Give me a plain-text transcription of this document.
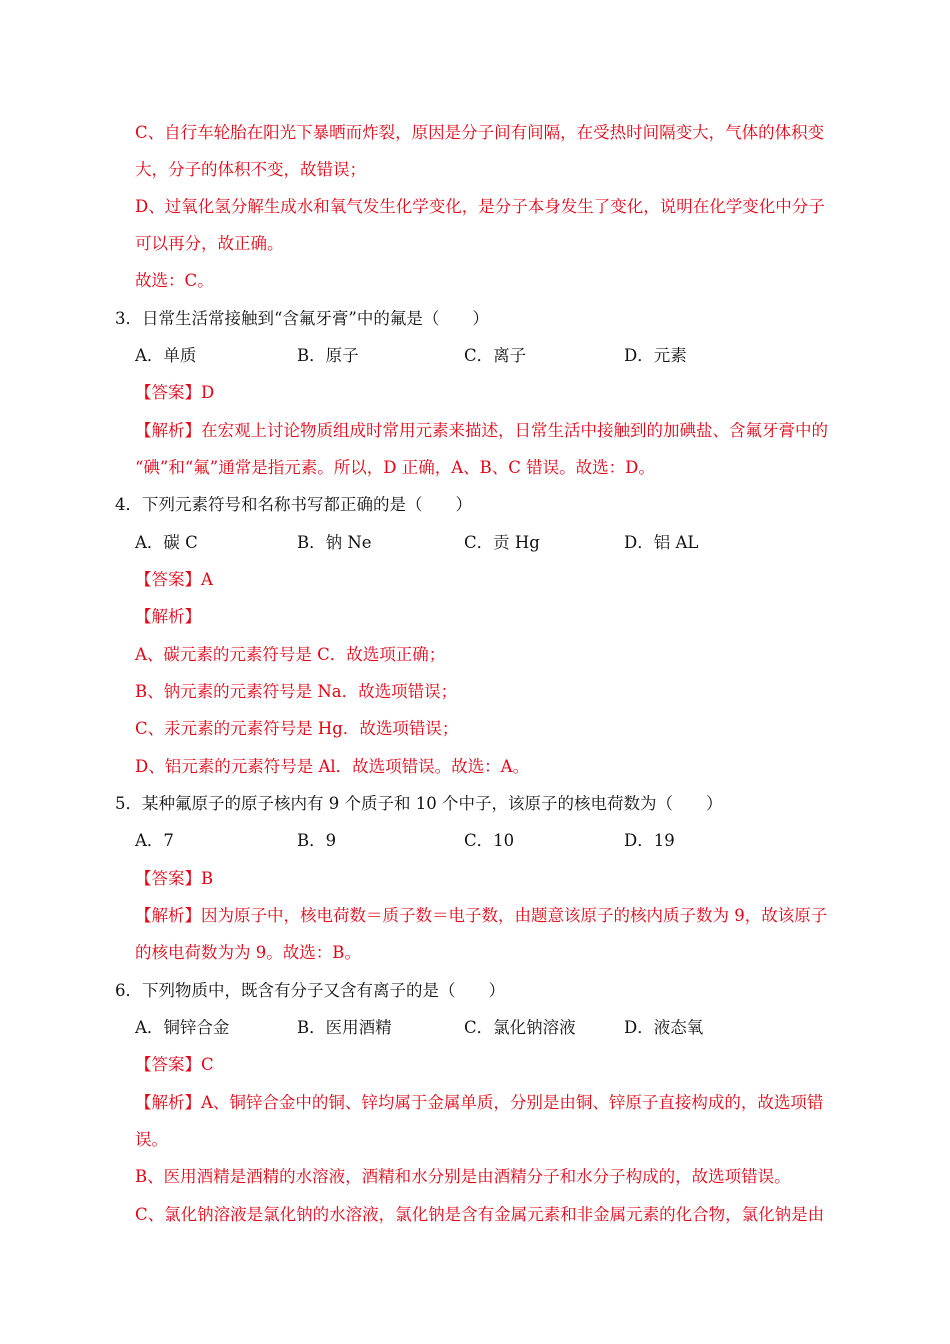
C、自行车轮胎在阳光下暴晒而炸裂，原因是分子间有间隔，在受热时间隔变大，气体的体积变
大，分子的体积不变，故错误；
D、过氧化氢分解生成水和氧气发生化学变化，是分子本身发生了变化，说明在化学变化中分子
可以再分，故正确。
故选：C。
3．日常生活常接触到“含氟牙膏”中的氟是（　　）
A．单质	B．原子	C．离子	D．元素
【答案】D
【解析】在宏观上讨论物质组成时常用元素来描述，日常生活中接触到的加碘盐、含氟牙膏中的
“碘”和“氟”通常是指元素。所以，D 正确，A、B、C 错误。故选：D。
4．下列元素符号和名称书写都正确的是（　　）
A．碳 C	B．钠 Ne	C．贡 Hg	D．铝 AL
【答案】A
【解析】
A、碳元素的元素符号是 C．故选项正确；
B、钠元素的元素符号是 Na．故选项错误；
C、汞元素的元素符号是 Hg．故选项错误；
D、铝元素的元素符号是 Al．故选项错误。故选：A。
5．某种氟原子的原子核内有 9 个质子和 10 个中子，该原子的核电荷数为（　　）
A．7	B．9	C．10	D．19
【答案】B
【解析】因为原子中，核电荷数＝质子数＝电子数，由题意该原子的核内质子数为 9，故该原子
的核电荷数为为 9。故选：B。
6．下列物质中，既含有分子又含有离子的是（　　）
A．铜锌合金	B．医用酒精	C．氯化钠溶液	D．液态氧
【答案】C
【解析】A、铜锌合金中的铜、锌均属于金属单质，分别是由铜、锌原子直接构成的，故选项错
误。
B、医用酒精是酒精的水溶液，酒精和水分别是由酒精分子和水分子构成的，故选项错误。
C、氯化钠溶液是氯化钠的水溶液，氯化钠是含有金属元素和非金属元素的化合物，氯化钠是由
